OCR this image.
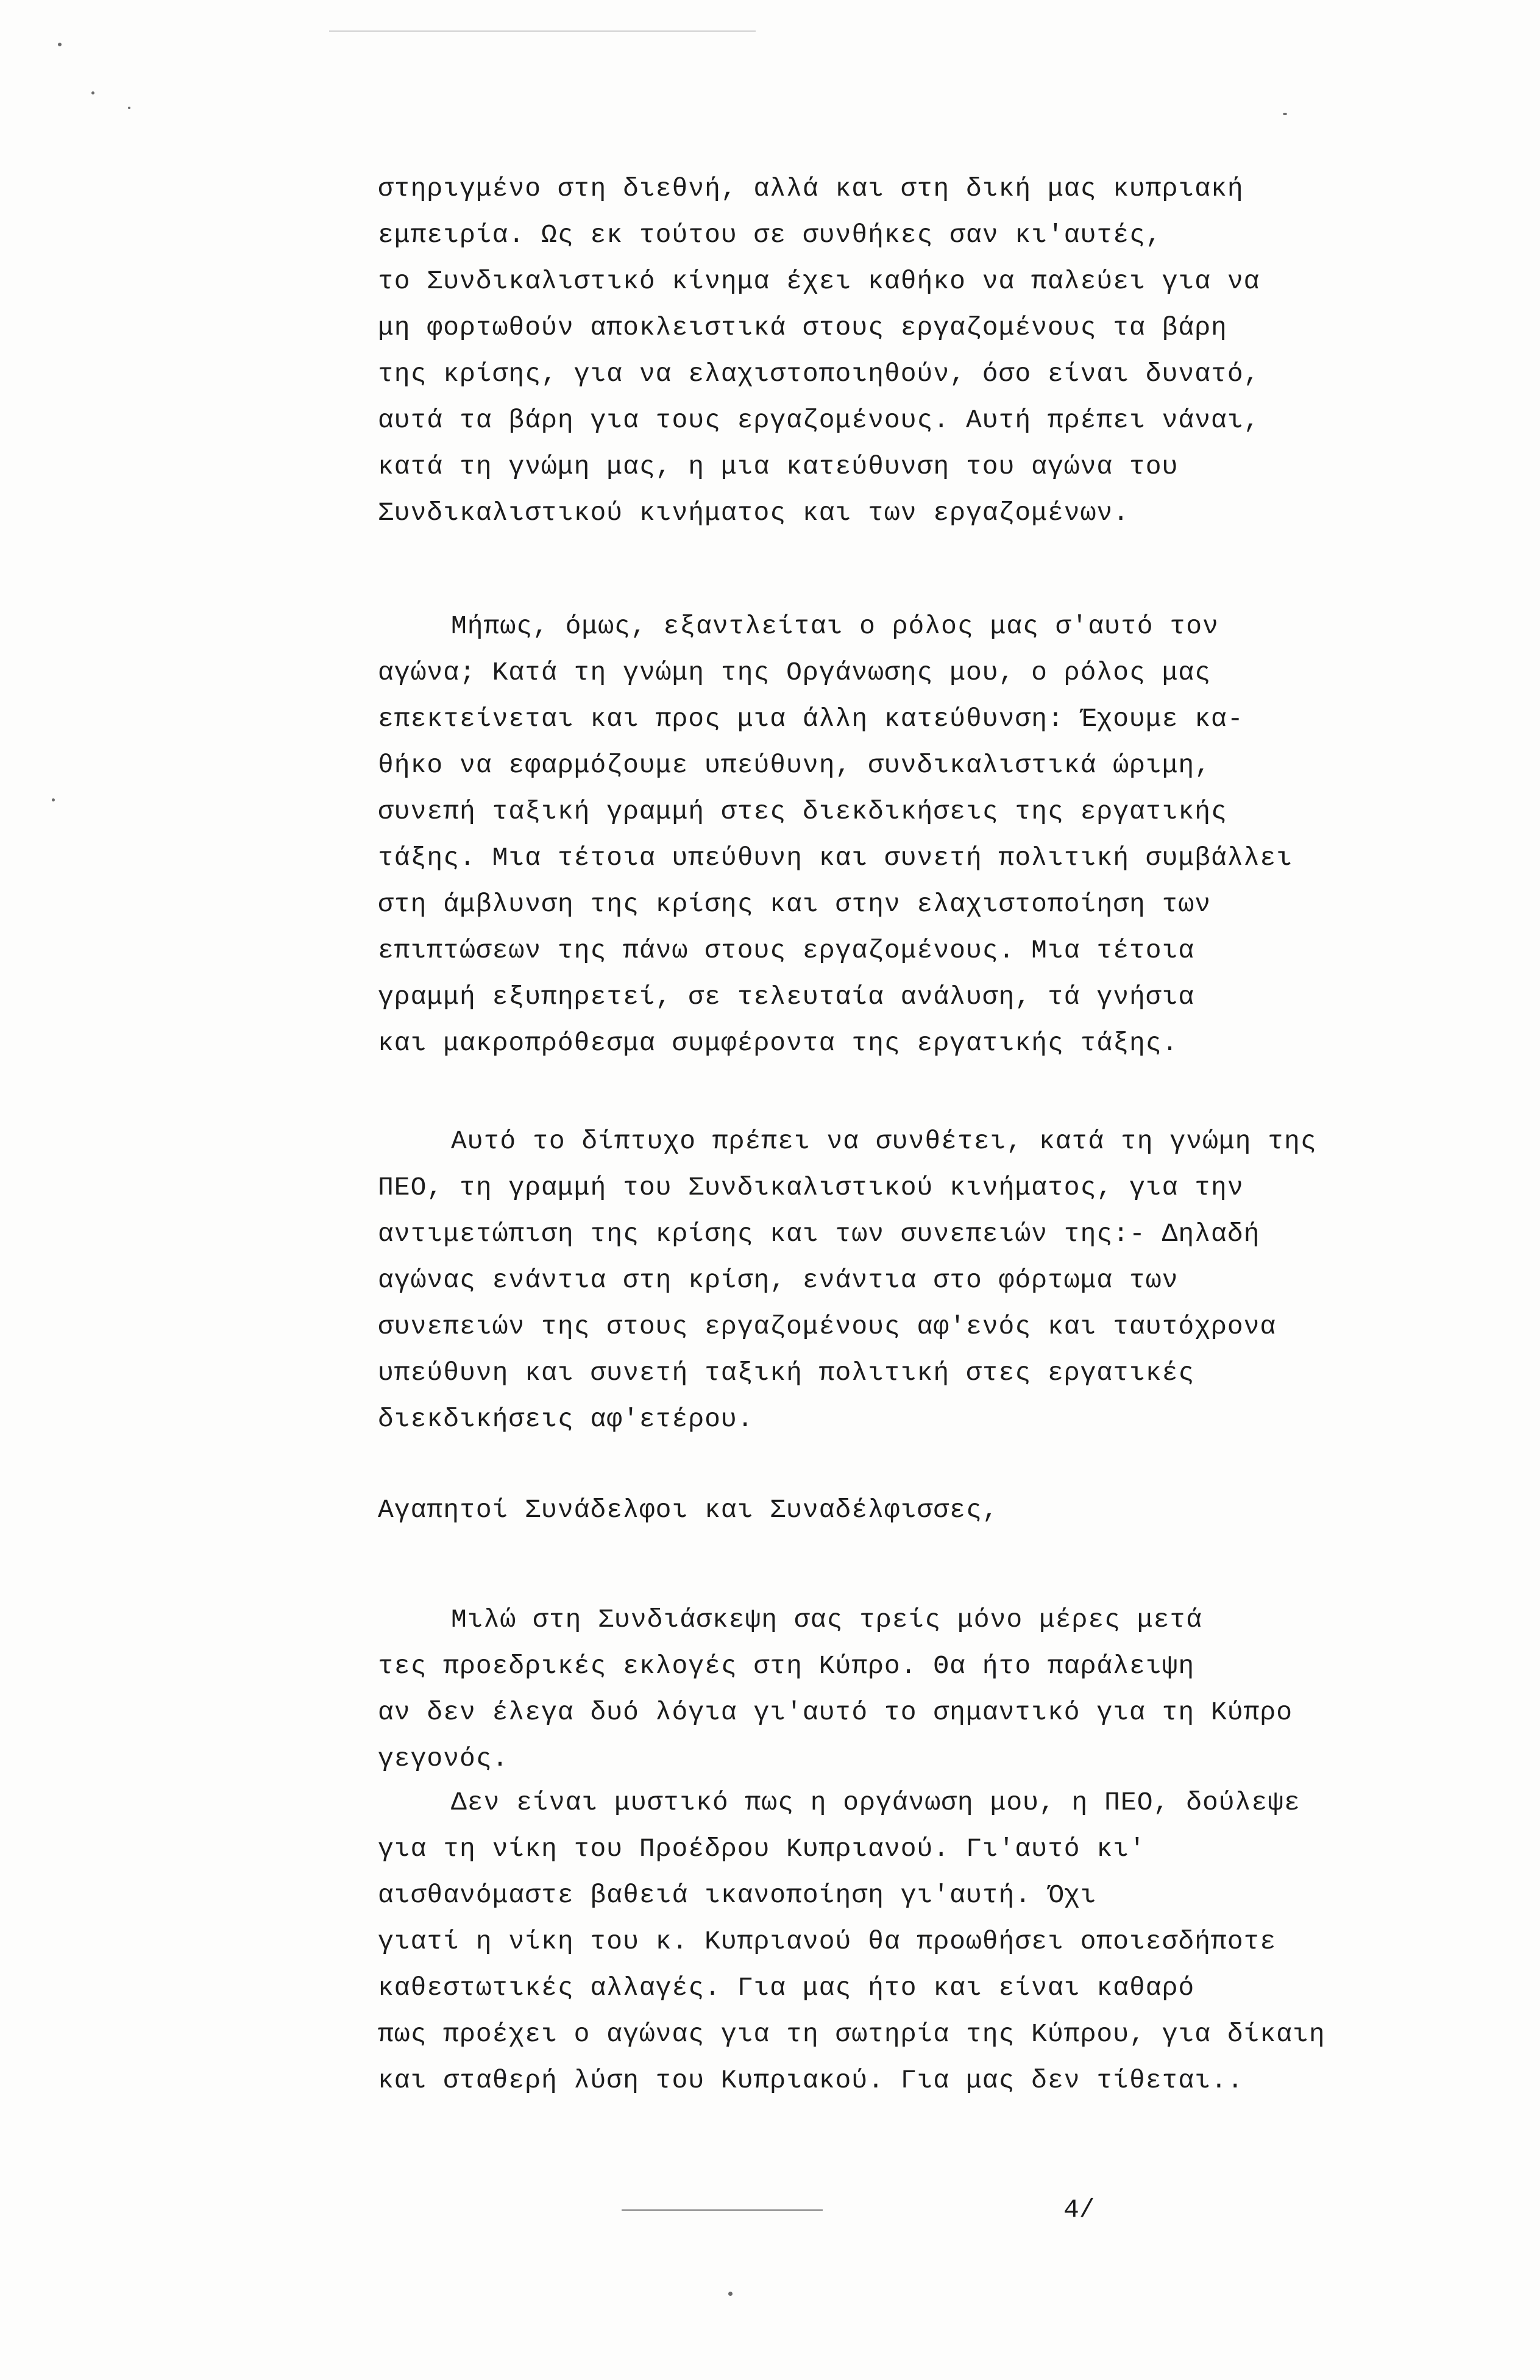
στηριγμένο στη διεθνή, αλλά και στη δική μας κυπριακή
εμπειρία. Ως εκ τούτου σε συνθήκες σαν κι'αυτές,
το Συνδικαλιστικό κίνημα έχει καθήκο να παλεύει για να
μη φορτωθούν αποκλειστικά στους εργαζομένους τα βάρη
της κρίσης, για να ελαχιστοποιηθούν, όσο είναι δυνατό,
αυτά τα βάρη για τους εργαζομένους. Αυτή πρέπει νάναι,
κατά τη γνώμη μας, η μια κατεύθυνση του αγώνα του
Συνδικαλιστικού κινήματος και των εργαζομένων.
Μήπως, όμως, εξαντλείται ο ρόλος μας σ'αυτό τον
αγώνα; Κατά τη γνώμη της Οργάνωσης μου, ο ρόλος μας
επεκτείνεται και προς μια άλλη κατεύθυνση: Έχουμε κα-
θήκο να εφαρμόζουμε υπεύθυνη, συνδικαλιστικά ώριμη,
συνεπή ταξική γραμμή στες διεκδικήσεις της εργατικής
τάξης. Μια τέτοια υπεύθυνη και συνετή πολιτική συμβάλλει
στη άμβλυνση της κρίσης και στην ελαχιστοποίηση των
επιπτώσεων της πάνω στους εργαζομένους. Μια τέτοια
γραμμή εξυπηρετεί, σε τελευταία ανάλυση, τά γνήσια
και μακροπρόθεσμα συμφέροντα της εργατικής τάξης.
Αυτό το δίπτυχο πρέπει να συνθέτει, κατά τη γνώμη της
ΠΕΟ, τη γραμμή του Συνδικαλιστικού κινήματος, για την
αντιμετώπιση της κρίσης και των συνεπειών της:- Δηλαδή
αγώνας ενάντια στη κρίση, ενάντια στο φόρτωμα των
συνεπειών της στους εργαζομένους αφ'ενός και ταυτόχρονα
υπεύθυνη και συνετή ταξική πολιτική στες εργατικές
διεκδικήσεις αφ'ετέρου.
Αγαπητοί Συνάδελφοι και Συναδέλφισσες,
Μιλώ στη Συνδιάσκεψη σας τρείς μόνο μέρες μετά
τες προεδρικές εκλογές στη Κύπρο. Θα ήτο παράλειψη
αν δεν έλεγα δυό λόγια γι'αυτό το σημαντικό για τη Κύπρο
γεγονός.
Δεν είναι μυστικό πως η οργάνωση μου, η ΠΕΟ, δούλεψε
για τη νίκη του Προέδρου Κυπριανού. Γι'αυτό κι'
αισθανόμαστε βαθειά ικανοποίηση γι'αυτή. Όχι
γιατί η νίκη του κ. Κυπριανού θα προωθήσει οποιεσδήποτε
καθεστωτικές αλλαγές. Για μας ήτο και είναι καθαρό
πως προέχει ο αγώνας για τη σωτηρία της Κύπρου, για δίκαιη
και σταθερή λύση του Κυπριακού. Για μας δεν τίθεται..
4/
